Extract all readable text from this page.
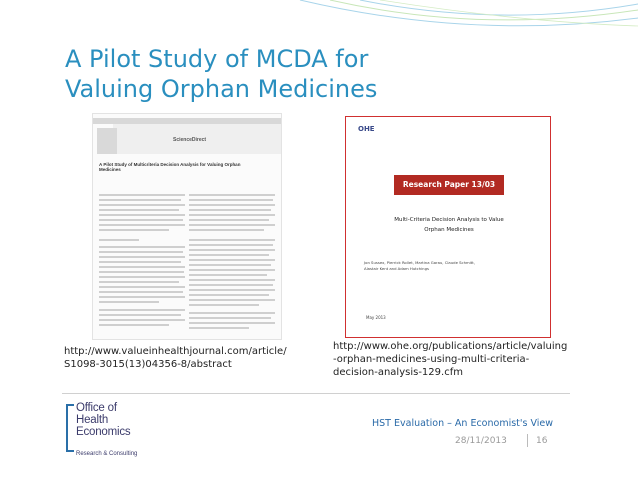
A Pilot Study of MCDA for
Valuing Orphan Medicines
ScienceDirect
A Pilot Study of Multicriteria Decision Analysis for Valuing Orphan Medicines
OHE
Research Paper 13/03
Multi-Criteria Decision Analysis to Value
Orphan Medicines
Jon Sussex, Pierrick Rollet, Martina Garau, Claude Schmitt,
Alastair Kent and Adam Hutchings
May 2013
http://www.valueinhealthjournal.com/article/
S1098-3015(13)04356-8/abstract
http://www.ohe.org/publications/article/valuing
-orphan-medicines-using-multi-criteria-
decision-analysis-129.cfm
Office of
Health
Economics
Research & Consulting
HST Evaluation – An Economist's View
28/11/2013	16
